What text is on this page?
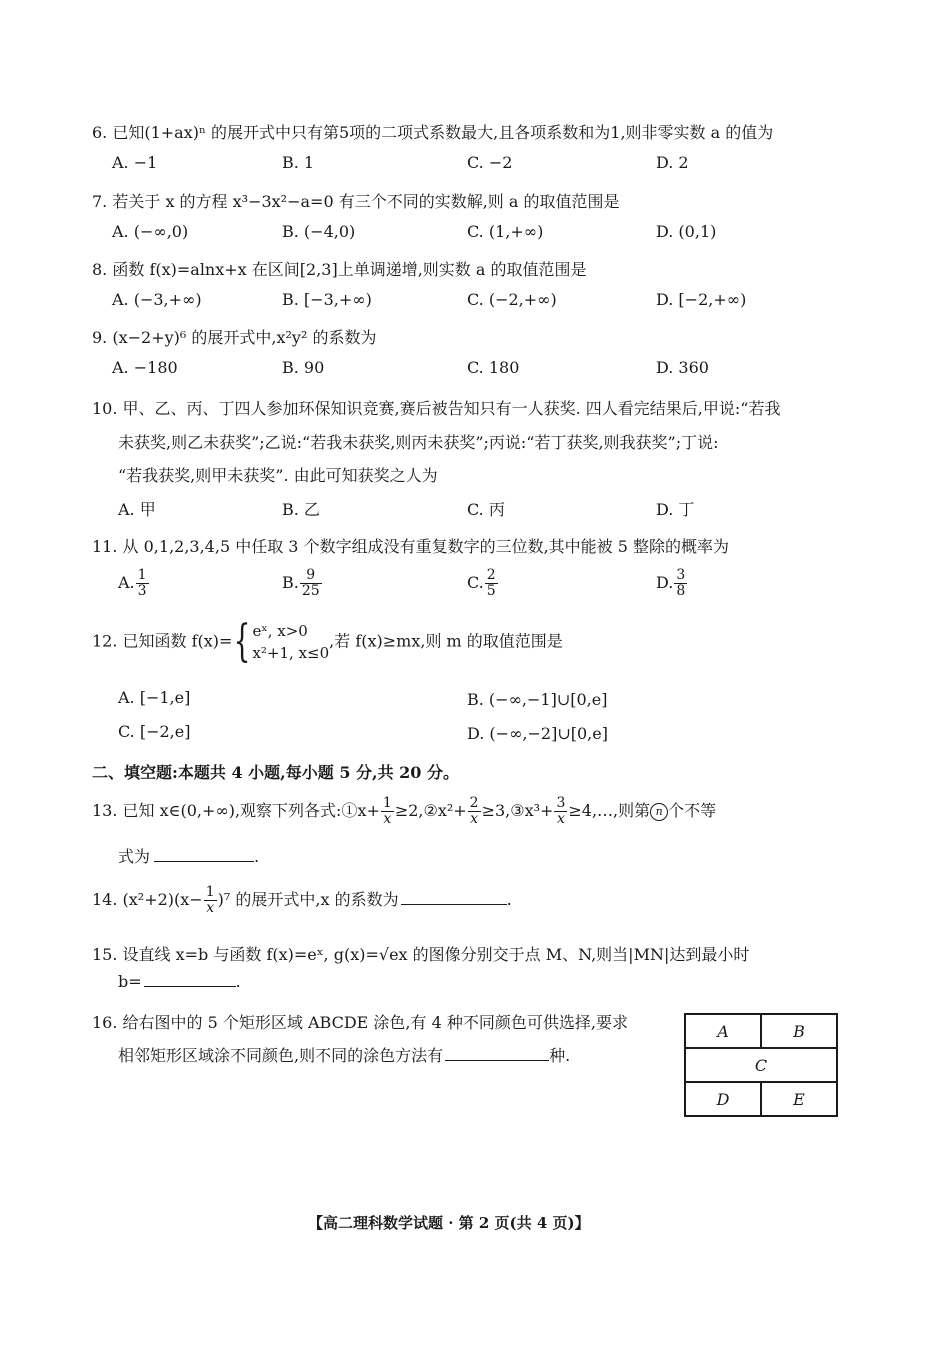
6. 已知(1+ax)ⁿ 的展开式中只有第5项的二项式系数最大,且各项系数和为1,则非零实数 a 的值为
A. −1	B. 1	C. −2	D. 2
7. 若关于 x 的方程 x³−3x²−a=0 有三个不同的实数解,则 a 的取值范围是
A. (−∞,0)	B. (−4,0)	C. (1,+∞)	D. (0,1)
8. 函数 f(x)=alnx+x 在区间[2,3]上单调递增,则实数 a 的取值范围是
A. (−3,+∞)	B. [−3,+∞)	C. (−2,+∞)	D. [−2,+∞)
9. (x−2+y)⁶ 的展开式中,x²y² 的系数为
A. −180	B. 90	C. 180	D. 360
10. 甲、乙、丙、丁四人参加环保知识竞赛,赛后被告知只有一人获奖. 四人看完结果后,甲说:“若我
未获奖,则乙未获奖”;乙说:“若我未获奖,则丙未获奖”;丙说:“若丁获奖,则我获奖”;丁说:
“若我获奖,则甲未获奖”. 由此可知获奖之人为
A. 甲	B. 乙	C. 丙	D. 丁
11. 从 0,1,2,3,4,5 中任取 3 个数字组成没有重复数字的三位数,其中能被 5 整除的概率为
A. $\frac{1}{3}$	B. $\frac{9}{25}$	C. $\frac{2}{5}$	D. $\frac{3}{8}$
12. 已知函数 f(x)={ eˣ, x>0
x²+1, x≤0
,若 f(x)≥mx,则 m 的取值范围是
A. [−1,e]	B. (−∞,−1]∪[0,e]
C. [−2,e]	D. (−∞,−2]∪[0,e]
二、填空题:本题共 4 小题,每小题 5 分,共 20 分。
13. 已知 x∈(0,+∞),观察下列各式:①x+ $\frac{1}{x}$ ≥2,②x²+ $\frac{2}{x}$ ≥3,③x³+ $\frac{3}{x}$ ≥4,…,则第 n 个不等
式为	.
14. $(x^2+2)(x- \frac{1}{x} )^7$ 的展开式中,x 的系数为	.
15. 设直线 x=b 与函数 f(x)=eˣ, g(x)=√ex 的图像分别交于点 M、N,则当|MN|达到最小时
b=	.
16. 给右图中的 5 个矩形区域 ABCDE 涂色,有 4 种不同颜色可供选择,要求
相邻矩形区域涂不同颜色,则不同的涂色方法有	种.
A	B
C
D	E
【高二理科数学试题 · 第 2 页(共 4 页)】
